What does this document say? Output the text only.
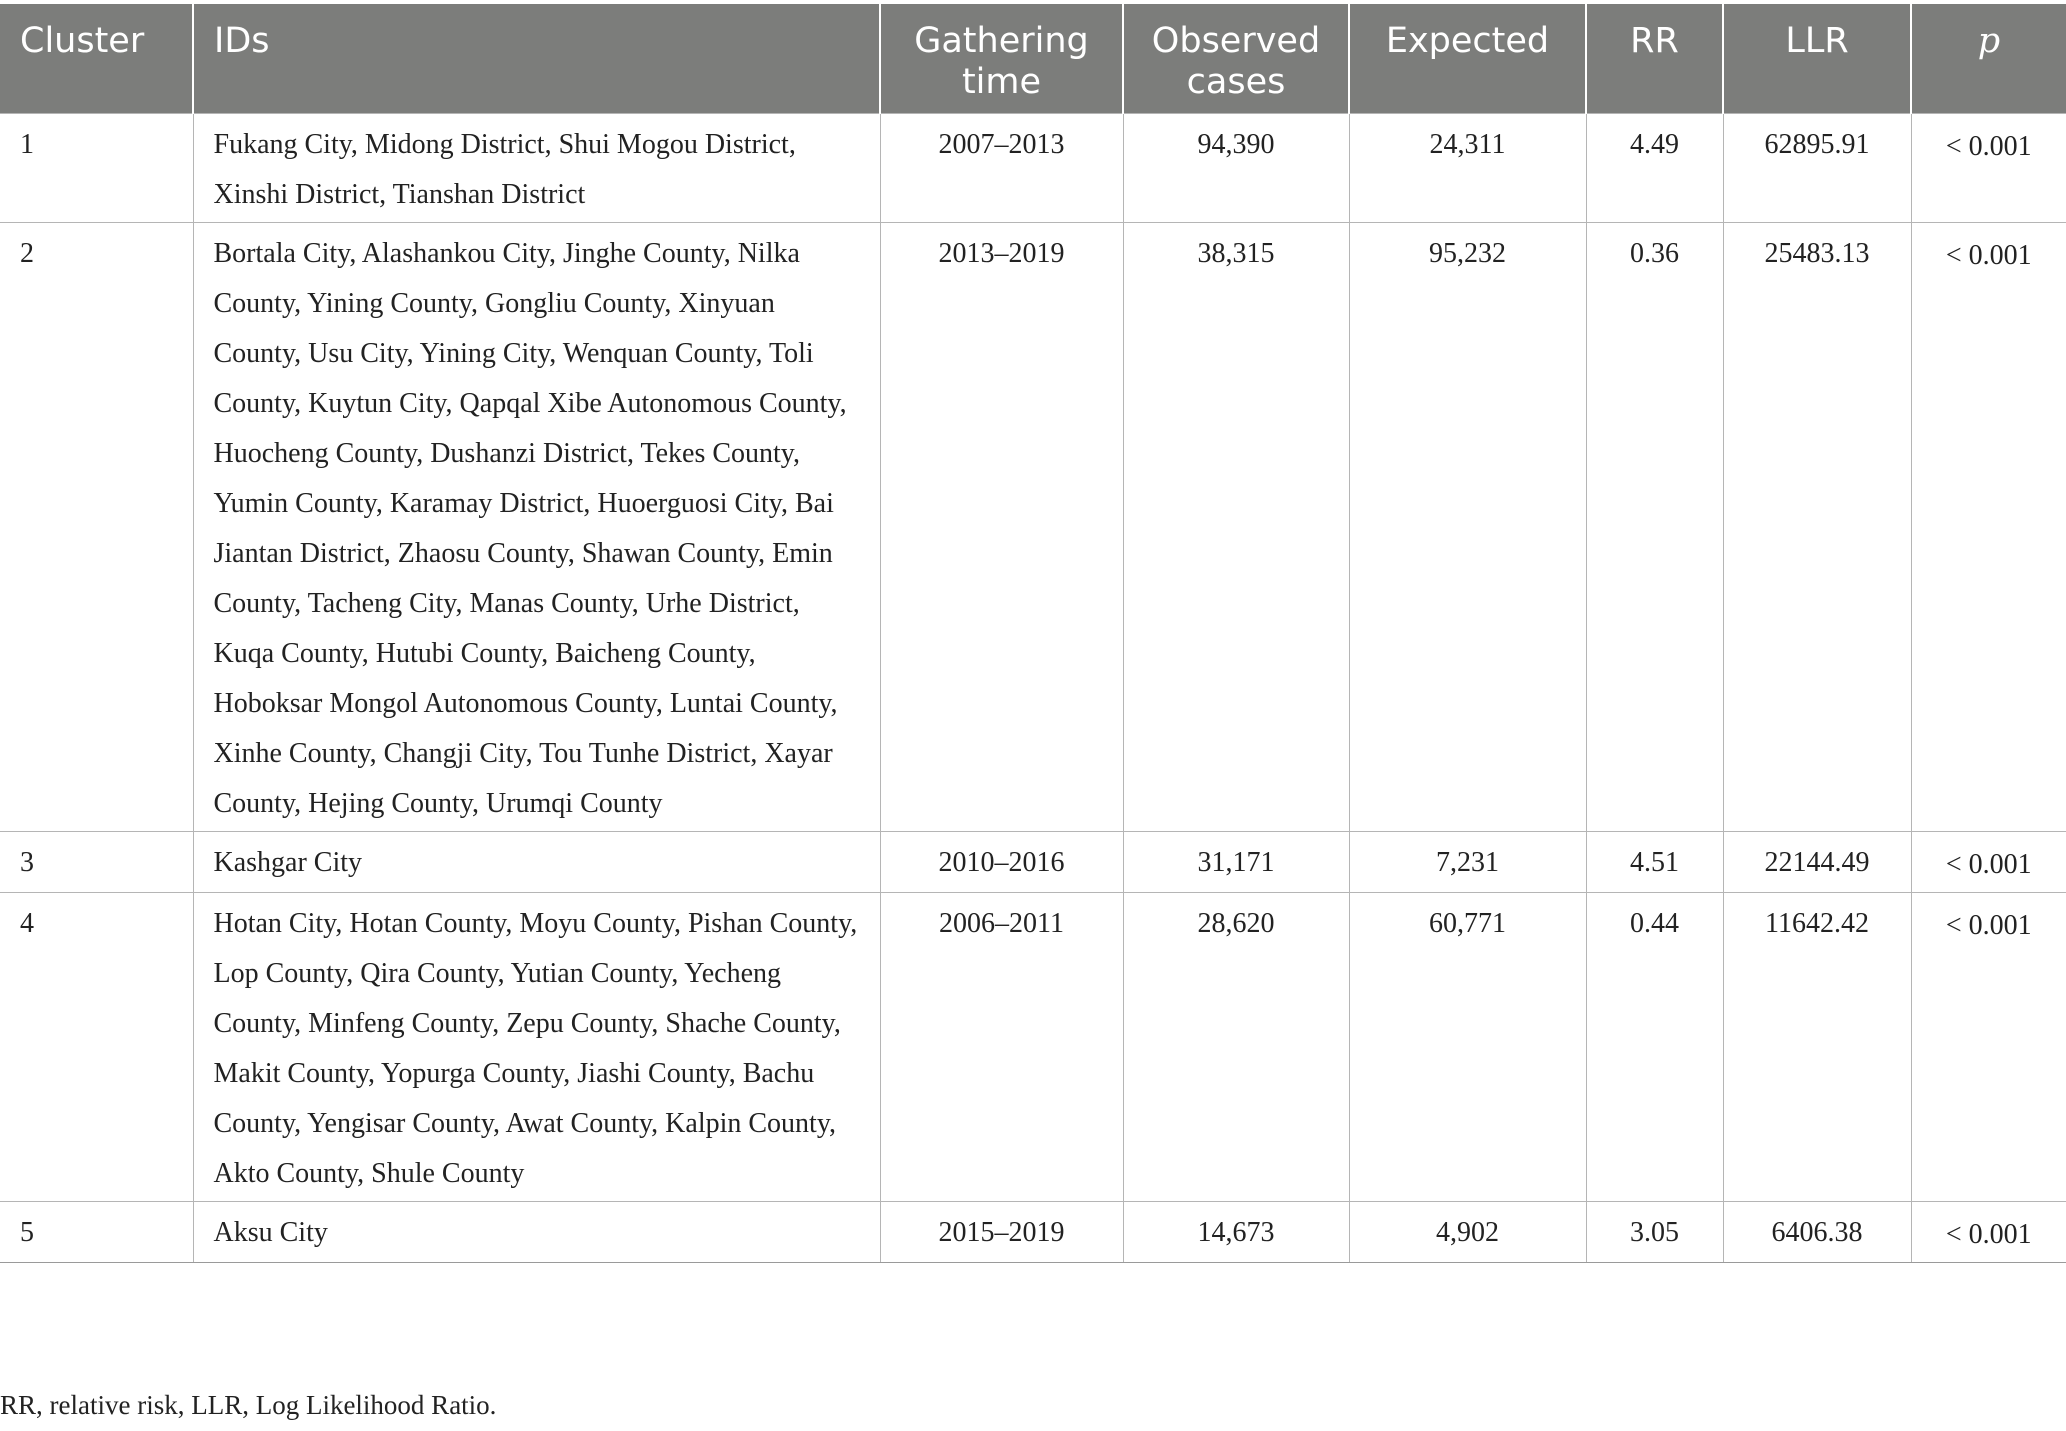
Cluster	IDs	Gathering time	Observed cases	Expected	RR	LLR	p
1	Fukang City, Midong District, Shui Mogou District, Xinshi District, Tianshan District	2007–2013	94,390	24,311	4.49	62895.91	< 0.001
2	Bortala City, Alashankou City, Jinghe County, Nilka County, Yining County, Gongliu County, Xinyuan County, Usu City, Yining City, Wenquan County, Toli County, Kuytun City, Qapqal Xibe Autonomous County, Huocheng County, Dushanzi District, Tekes County, Yumin County, Karamay District, Huoerguosi City, Bai Jiantan District, Zhaosu County, Shawan County, Emin County, Tacheng City, Manas County, Urhe District, Kuqa County, Hutubi County, Baicheng County, Hoboksar Mongol Autonomous County, Luntai County, Xinhe County, Changji City, Tou Tunhe District, Xayar County, Hejing County, Urumqi County	2013–2019	38,315	95,232	0.36	25483.13	< 0.001
3	Kashgar City	2010–2016	31,171	7,231	4.51	22144.49	< 0.001
4	Hotan City, Hotan County, Moyu County, Pishan County, Lop County, Qira County, Yutian County, Yecheng County, Minfeng County, Zepu County, Shache County, Makit County, Yopurga County, Jiashi County, Bachu County, Yengisar County, Awat County, Kalpin County, Akto County, Shule County	2006–2011	28,620	60,771	0.44	11642.42	< 0.001
5	Aksu City	2015–2019	14,673	4,902	3.05	6406.38	< 0.001
RR, relative risk, LLR, Log Likelihood Ratio.
